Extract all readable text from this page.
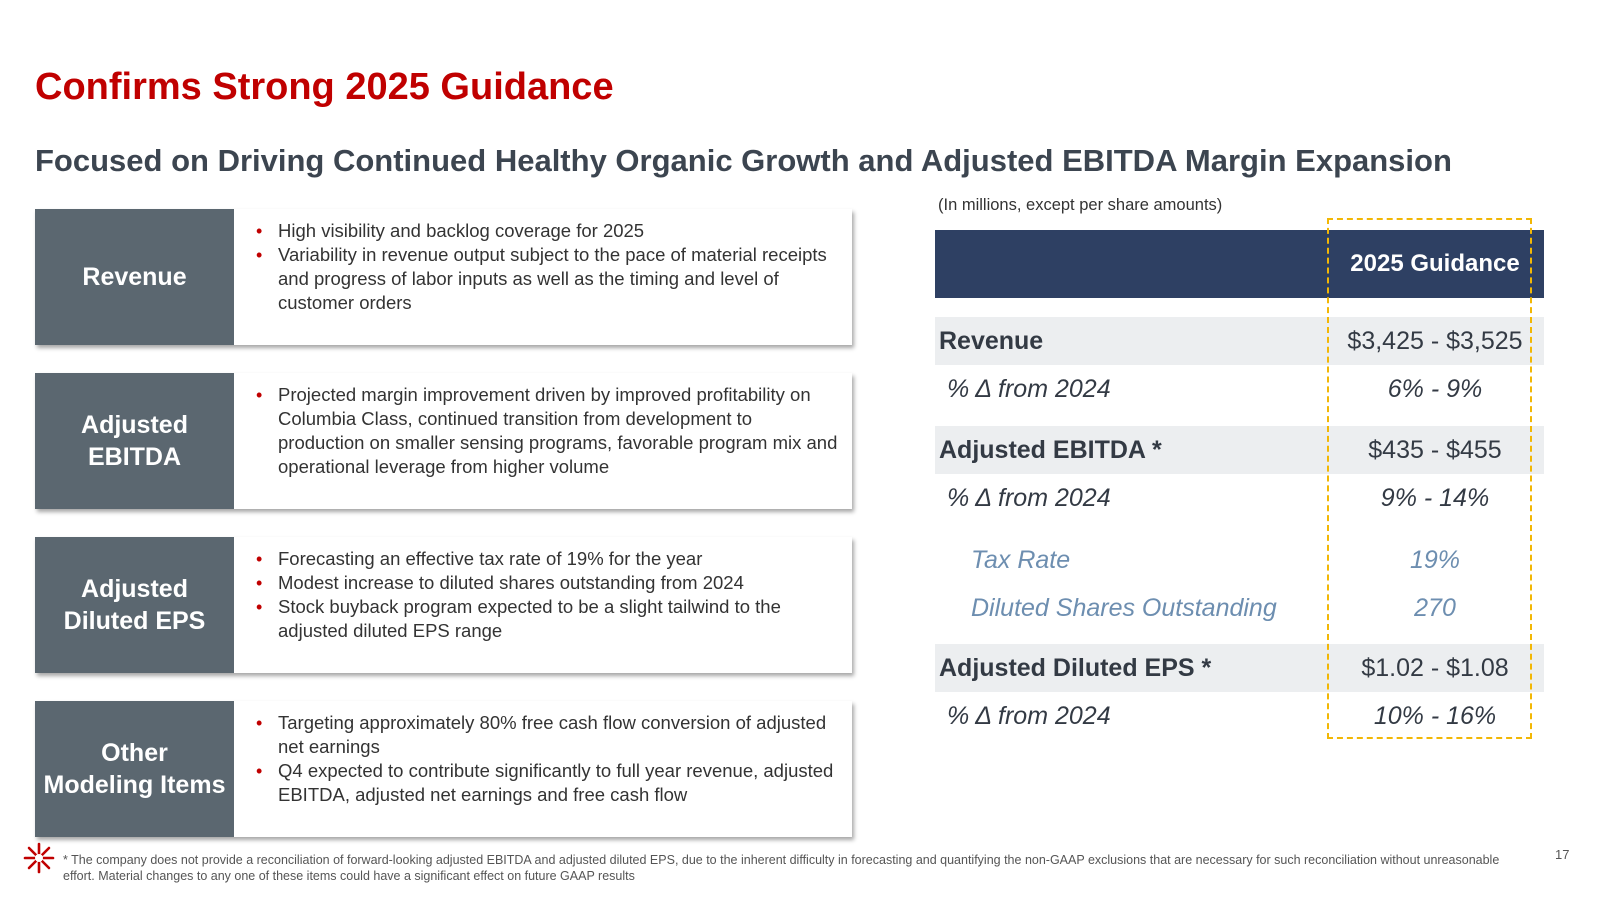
Confirms Strong 2025 Guidance
Focused on Driving Continued Healthy Organic Growth and Adjusted EBITDA Margin Expansion
Revenue
• High visibility and backlog coverage for 2025
• Variability in revenue output subject to the pace of material receipts and progress of labor inputs as well as the timing and level of customer orders
Adjusted EBITDA
• Projected margin improvement driven by improved profitability on Columbia Class, continued transition from development to production on smaller sensing programs, favorable program mix and operational leverage from higher volume
Adjusted Diluted EPS
• Forecasting an effective tax rate of 19% for the year
• Modest increase to diluted shares outstanding from 2024
• Stock buyback program expected to be a slight tailwind to the adjusted diluted EPS range
Other Modeling Items
• Targeting approximately 80% free cash flow conversion of adjusted net earnings
• Q4 expected to contribute significantly to full year revenue, adjusted EBITDA, adjusted net earnings and free cash flow
(In millions, except per share amounts)
2025 Guidance
Revenue	$3,425 - $3,525
% Δ from 2024	6% - 9%
Adjusted EBITDA *	$435 - $455
% Δ from 2024	9% - 14%
Tax Rate	19%
Diluted Shares Outstanding	270
Adjusted Diluted EPS *	$1.02 - $1.08
% Δ from 2024	10% - 16%
* The company does not provide a reconciliation of forward-looking adjusted EBITDA and adjusted diluted EPS, due to the inherent difficulty in forecasting and quantifying the non-GAAP exclusions that are necessary for such reconciliation without unreasonable effort. Material changes to any one of these items could have a significant effect on future GAAP results
17
